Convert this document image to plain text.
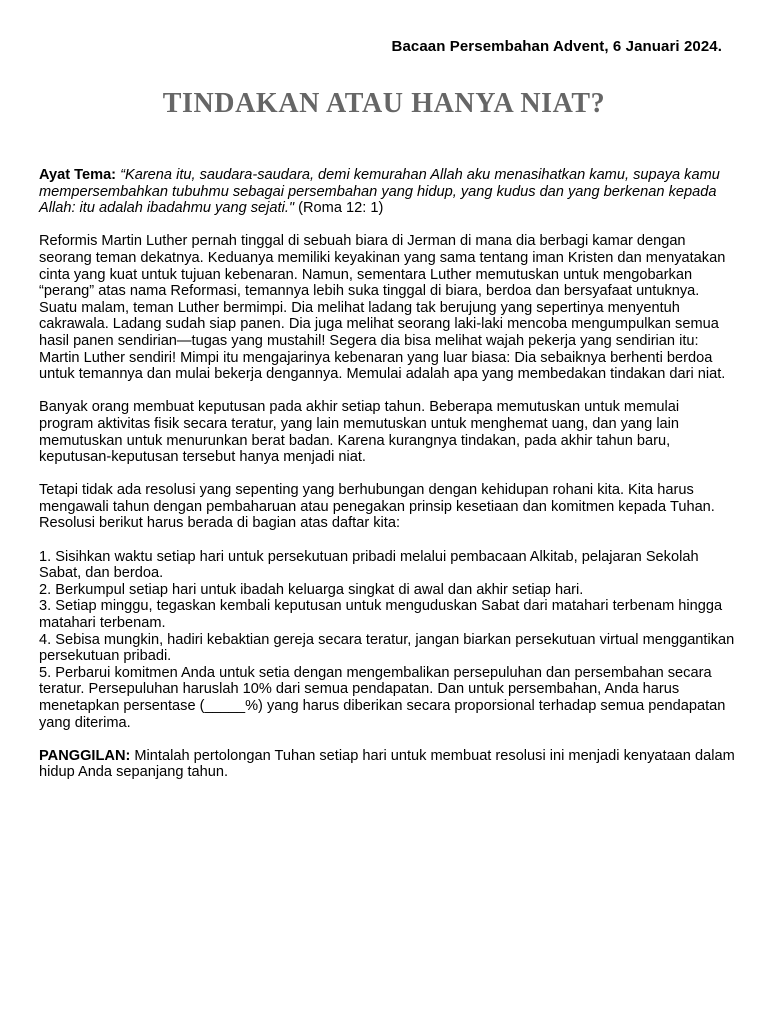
Bacaan Persembahan Advent, 6 Januari 2024.
TINDAKAN ATAU HANYA NIAT?

Ayat Tema: “Karena itu, saudara-saudara, demi kemurahan Allah aku menasihatkan kamu, supaya kamu mempersembahkan tubuhmu sebagai persembahan yang hidup, yang kudus dan yang berkenan kepada Allah: itu adalah ibadahmu yang sejati." (Roma 12: 1)

Reformis Martin Luther pernah tinggal di sebuah biara di Jerman di mana dia berbagi kamar dengan seorang teman dekatnya. Keduanya memiliki keyakinan yang sama tentang iman Kristen dan menyatakan cinta yang kuat untuk tujuan kebenaran. Namun, sementara Luther memutuskan untuk mengobarkan “perang” atas nama Reformasi, temannya lebih suka tinggal di biara, berdoa dan bersyafaat untuknya. Suatu malam, teman Luther bermimpi. Dia melihat ladang tak berujung yang sepertinya menyentuh cakrawala. Ladang sudah siap panen. Dia juga melihat seorang laki-laki mencoba mengumpulkan semua hasil panen sendirian—tugas yang mustahil! Segera dia bisa melihat wajah pekerja yang sendirian itu: Martin Luther sendiri! Mimpi itu mengajarinya kebenaran yang luar biasa: Dia sebaiknya berhenti berdoa untuk temannya dan mulai bekerja dengannya. Memulai adalah apa yang membedakan tindakan dari niat.

Banyak orang membuat keputusan pada akhir setiap tahun. Beberapa memutuskan untuk memulai program aktivitas fisik secara teratur, yang lain memutuskan untuk menghemat uang, dan yang lain memutuskan untuk menurunkan berat badan. Karena kurangnya tindakan, pada akhir tahun baru, keputusan-keputusan tersebut hanya menjadi niat.

Tetapi tidak ada resolusi yang sepenting yang berhubungan dengan kehidupan rohani kita. Kita harus mengawali tahun dengan pembaharuan atau penegakan prinsip kesetiaan dan komitmen kepada Tuhan. Resolusi berikut harus berada di bagian atas daftar kita:

1. Sisihkan waktu setiap hari untuk persekutuan pribadi melalui pembacaan Alkitab, pelajaran Sekolah Sabat, dan berdoa.
2. Berkumpul setiap hari untuk ibadah keluarga singkat di awal dan akhir setiap hari.
3. Setiap minggu, tegaskan kembali keputusan untuk menguduskan Sabat dari matahari terbenam hingga matahari terbenam.
4. Sebisa mungkin, hadiri kebaktian gereja secara teratur, jangan biarkan persekutuan virtual menggantikan persekutuan pribadi.
5. Perbarui komitmen Anda untuk setia dengan mengembalikan persepuluhan dan persembahan secara teratur. Persepuluhan haruslah 10% dari semua pendapatan. Dan untuk persembahan, Anda harus menetapkan persentase (_____%) yang harus diberikan secara proporsional terhadap semua pendapatan yang diterima.

PANGGILAN: Mintalah pertolongan Tuhan setiap hari untuk membuat resolusi ini menjadi kenyataan dalam hidup Anda sepanjang tahun.
